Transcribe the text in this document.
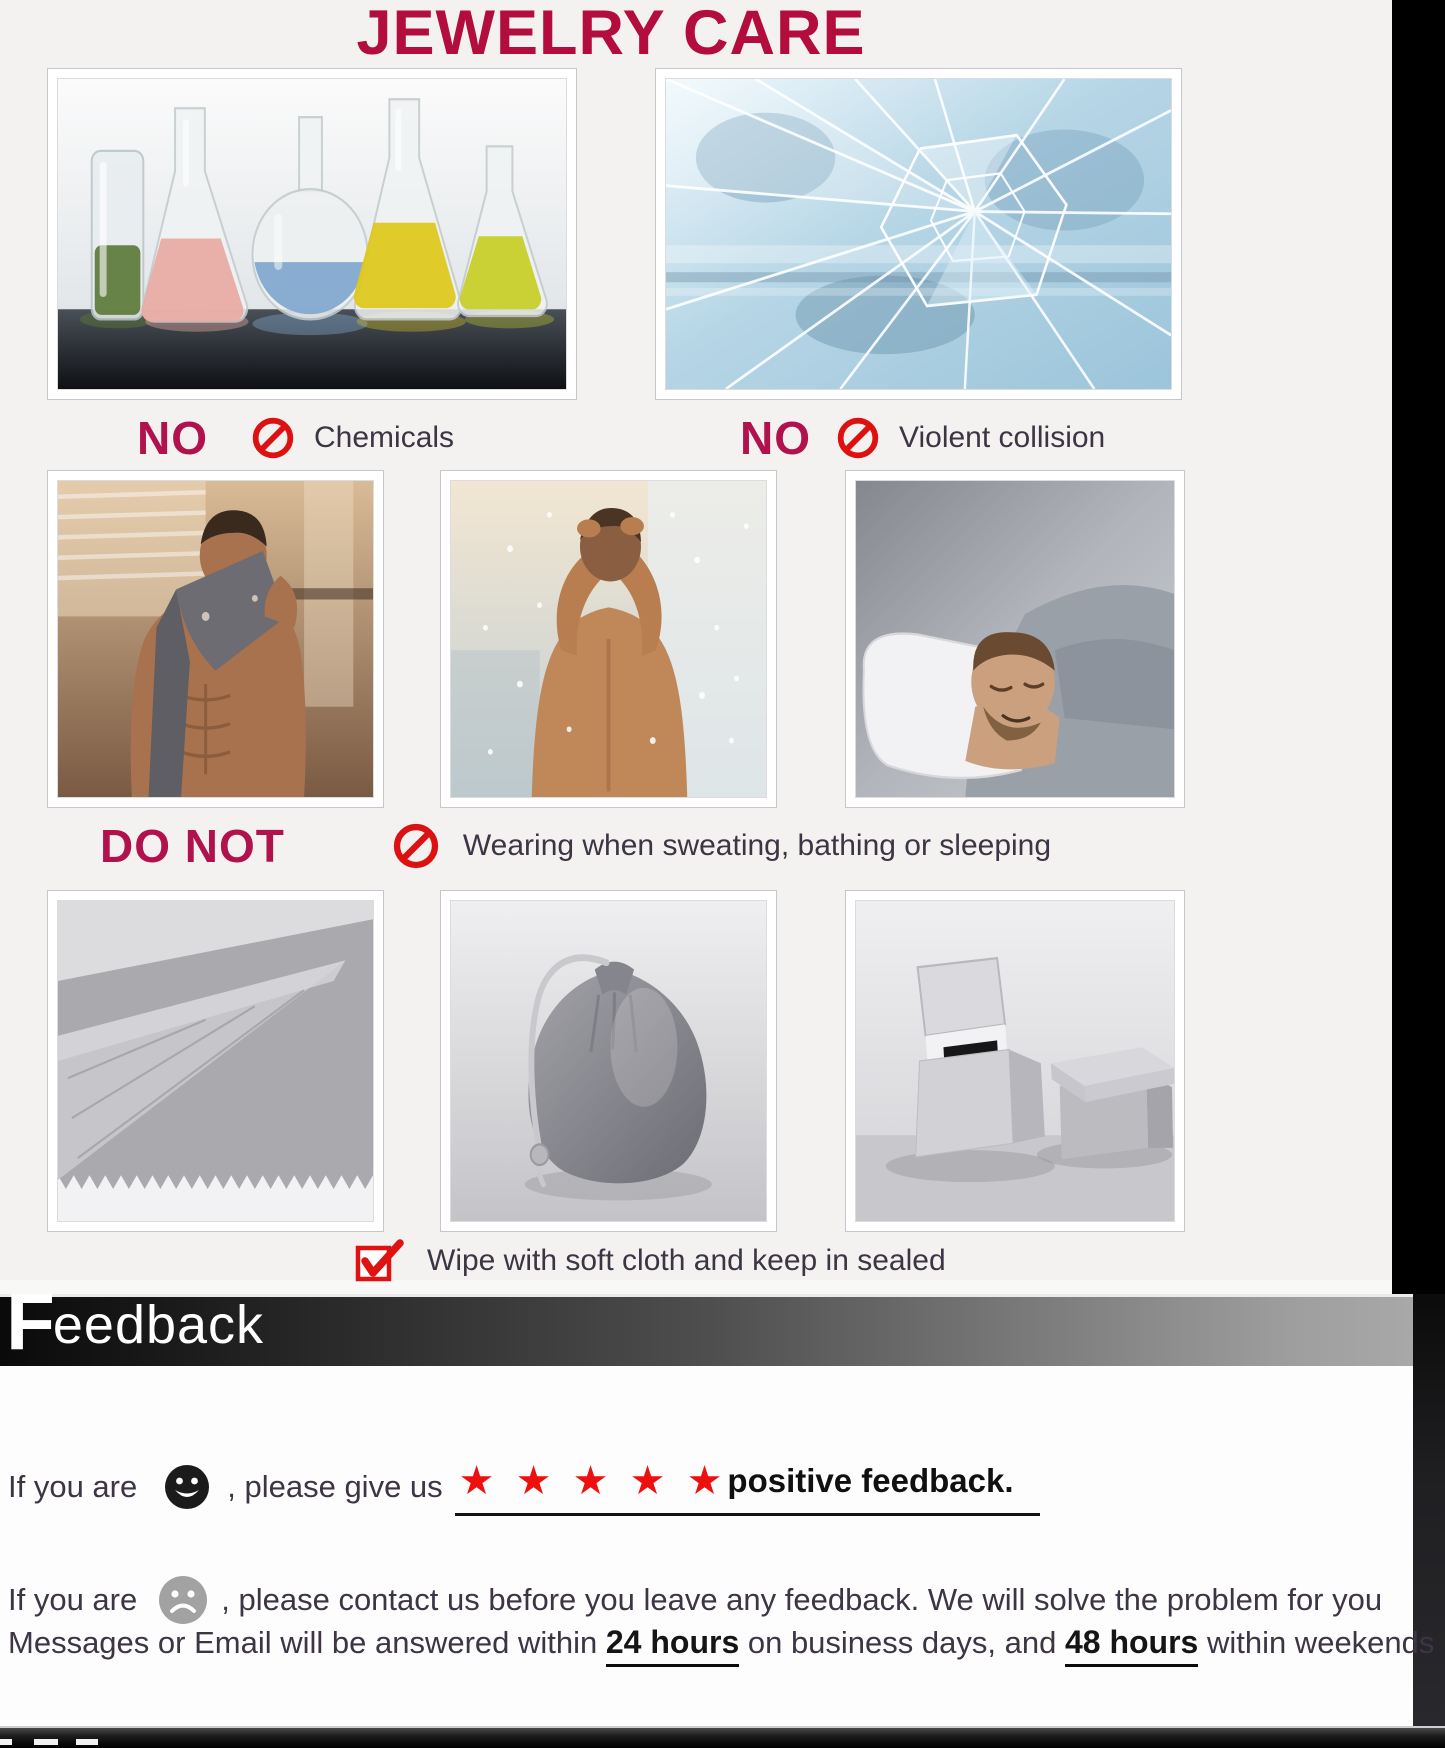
JEWELRY CARE
NO	Chemicals	NO	Violent collision
DO NOT	Wearing when sweating, bathing or sleeping
Wipe with soft cloth and keep in sealed
Feedback
If you are	, please give us ★ ★ ★ ★ ★ positive feedback.
If you are	, please contact us before you leave any feedback. We will solve the problem for you
Messages or Email will be answered within 24 hours on business days, and 48 hours within weekends
